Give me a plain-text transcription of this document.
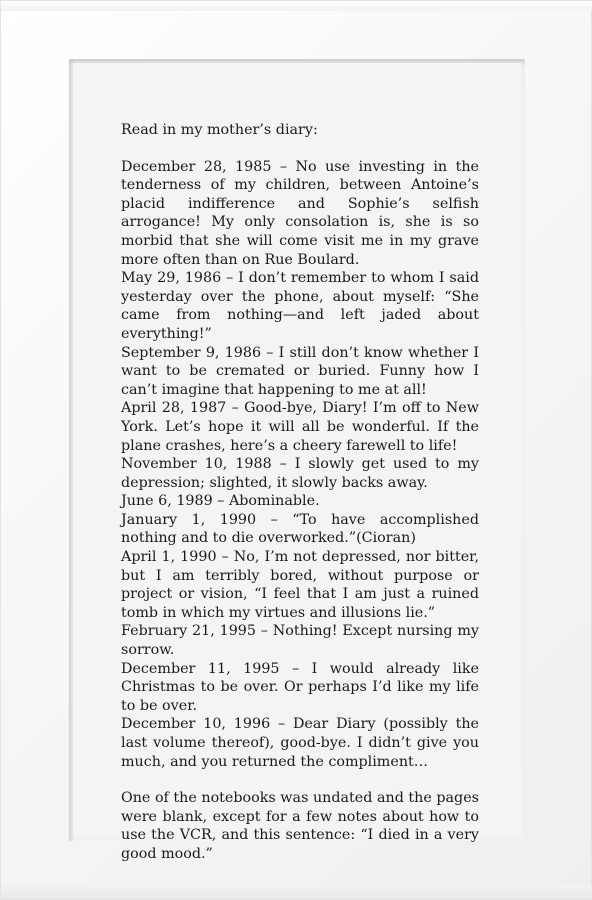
Read in my mother’s diary:

December 28, 1985 – No use investing in the tenderness of my children, between Antoine’s placid indifference and Sophie’s selfish arrogance! My only consolation is, she is so morbid that she will come visit me in my grave more often than on Rue Boulard.

May 29, 1986 – I don’t remember to whom I said yesterday over the phone, about myself: “She came from nothing—and left jaded about everything!”

September 9, 1986 – I still don’t know whether I want to be cremated or buried. Funny how I can’t imagine that happening to me at all!

April 28, 1987 – Good-bye, Diary! I’m off to New York. Let’s hope it will all be wonderful. If the plane crashes, here’s a cheery farewell to life!

November 10, 1988 – I slowly get used to my depression; slighted, it slowly backs away.

June 6, 1989 – Abominable.

January 1, 1990 – “To have accomplished nothing and to die overworked.”(Cioran)

April 1, 1990 – No, I’m not depressed, nor bitter, but I am terribly bored, without purpose or project or vision, “I feel that I am just a ruined tomb in which my virtues and illusions lie.”

February 21, 1995 – Nothing! Except nursing my sorrow.

December 11, 1995 – I would already like Christmas to be over. Or perhaps I’d like my life to be over.

December 10, 1996 – Dear Diary (possibly the last volume thereof), good-bye. I didn’t give you much, and you returned the compliment…

One of the notebooks was undated and the pages were blank, except for a few notes about how to use the VCR, and this sentence: “I died in a very good mood.”
